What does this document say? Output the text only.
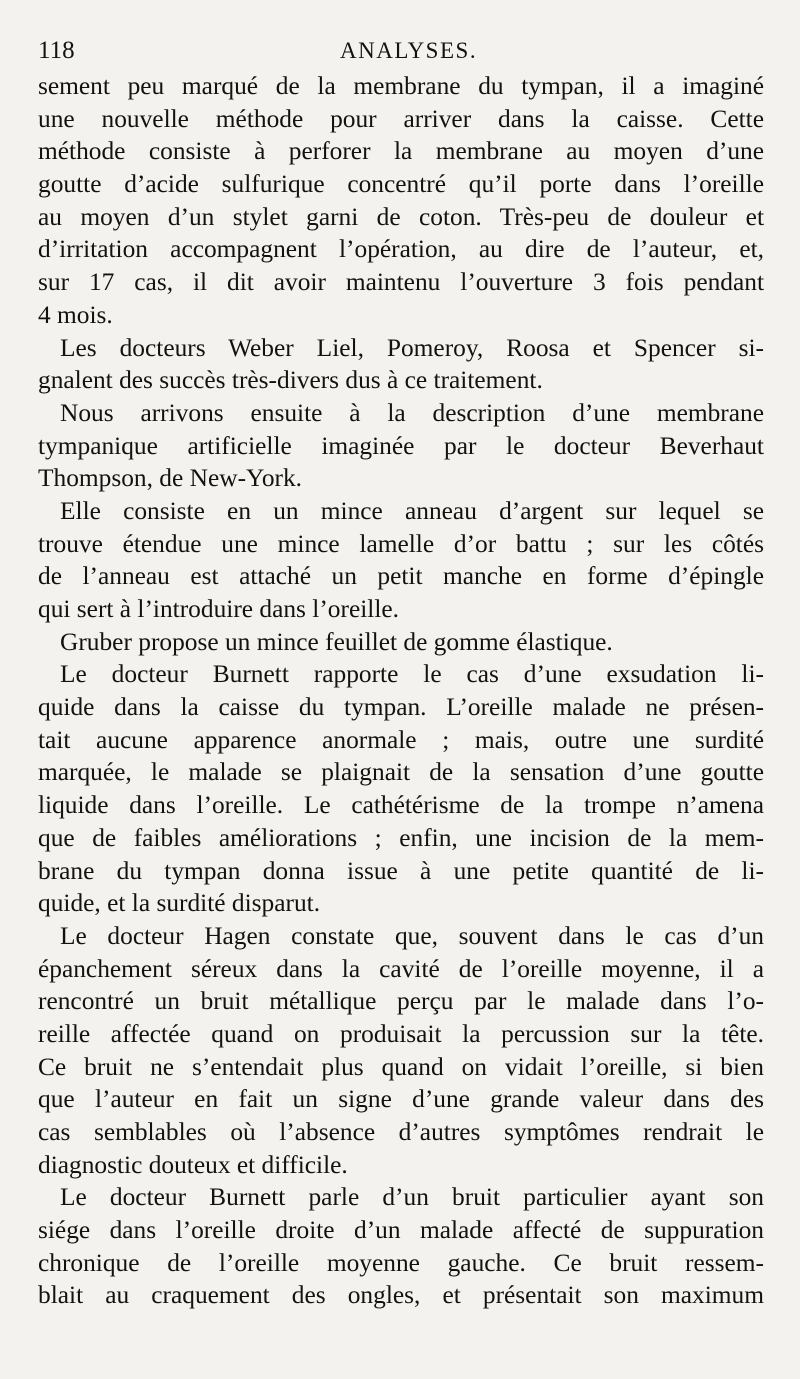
118	ANALYSES.
sement peu marqué de la membrane du tympan, il a imaginé
une nouvelle méthode pour arriver dans la caisse. Cette
méthode consiste à perforer la membrane au moyen d’une
goutte d’acide sulfurique concentré qu’il porte dans l’oreille
au moyen d’un stylet garni de coton. Très-peu de douleur et
d’irritation accompagnent l’opération, au dire de l’auteur, et,
sur 17 cas, il dit avoir maintenu l’ouverture 3 fois pendant
4 mois.
Les docteurs Weber Liel, Pomeroy, Roosa et Spencer si-
gnalent des succès très-divers dus à ce traitement.
Nous arrivons ensuite à la description d’une membrane
tympanique artificielle imaginée par le docteur Beverhaut
Thompson, de New-York.
Elle consiste en un mince anneau d’argent sur lequel se
trouve étendue une mince lamelle d’or battu ; sur les côtés
de l’anneau est attaché un petit manche en forme d’épingle
qui sert à l’introduire dans l’oreille.
Gruber propose un mince feuillet de gomme élastique.
Le docteur Burnett rapporte le cas d’une exsudation li-
quide dans la caisse du tympan. L’oreille malade ne présen-
tait aucune apparence anormale ; mais, outre une surdité
marquée, le malade se plaignait de la sensation d’une goutte
liquide dans l’oreille. Le cathétérisme de la trompe n’amena
que de faibles améliorations ; enfin, une incision de la mem-
brane du tympan donna issue à une petite quantité de li-
quide, et la surdité disparut.
Le docteur Hagen constate que, souvent dans le cas d’un
épanchement séreux dans la cavité de l’oreille moyenne, il a
rencontré un bruit métallique perçu par le malade dans l’o-
reille affectée quand on produisait la percussion sur la tête.
Ce bruit ne s’entendait plus quand on vidait l’oreille, si bien
que l’auteur en fait un signe d’une grande valeur dans des
cas semblables où l’absence d’autres symptômes rendrait le
diagnostic douteux et difficile.
Le docteur Burnett parle d’un bruit particulier ayant son
siége dans l’oreille droite d’un malade affecté de suppuration
chronique de l’oreille moyenne gauche. Ce bruit ressem-
blait au craquement des ongles, et présentait son maximum
